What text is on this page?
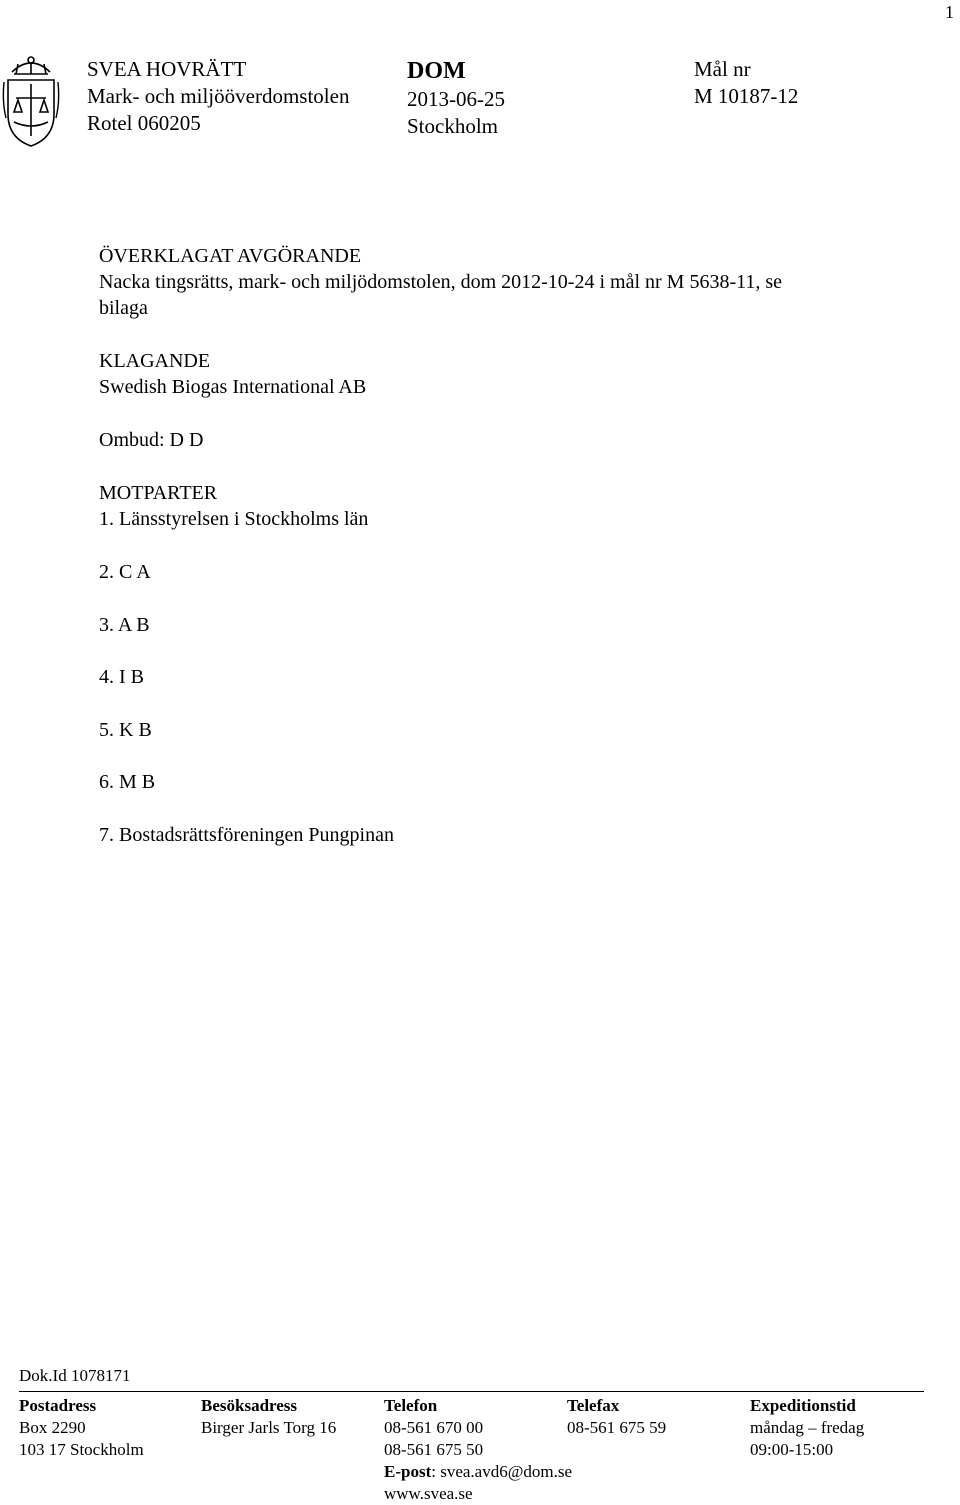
1
SVEA HOVRÄTT
Mark- och miljööverdomstolen
Rotel 060205
DOM
2013-06-25
Stockholm
Mål nr
M 10187-12
ÖVERKLAGAT AVGÖRANDE
Nacka tingsrätts, mark- och miljödomstolen, dom 2012-10-24 i mål nr M 5638-11, se
bilaga
KLAGANDE
Swedish Biogas International AB
Ombud: D D
MOTPARTER
1. Länsstyrelsen i Stockholms län
2. C A
3. A B
4. I B
5. K B
6. M B
7. Bostadsrättsföreningen Pungpinan
Dok.Id 1078171
Postadress
Box 2290
103 17 Stockholm
Besöksadress
Birger Jarls Torg 16
Telefon
08-561 670 00
08-561 675 50
E-post: svea.avd6@dom.se
www.svea.se
Telefax
08-561 675 59
Expeditionstid
måndag – fredag
09:00-15:00
